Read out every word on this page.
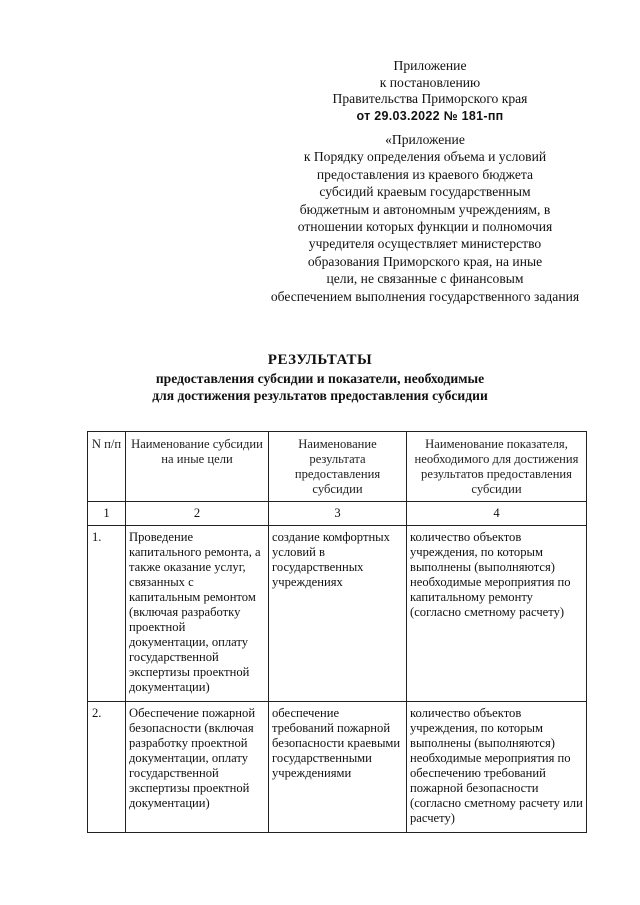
Приложение
к постановлению
Правительства Приморского края
от 29.03.2022 № 181-пп
«Приложение
к Порядку определения объема и условий
предоставления из краевого бюджета
субсидий краевым государственным
бюджетным и автономным учреждениям, в
отношении которых функции и полномочия
учредителя осуществляет министерство
образования Приморского края, на иные
цели, не связанные с финансовым
обеспечением выполнения государственного задания
РЕЗУЛЬТАТЫ
предоставления субсидии и показатели, необходимые
для достижения результатов предоставления субсидии
N п/п	Наименование субсидии на иные цели	Наименование результата предоставления субсидии	Наименование показателя, необходимого для достижения результатов предоставления субсидии
1	2	3	4
1.	Проведение капитального ремонта, а также оказание услуг, связанных с капитальным ремонтом (включая разработку проектной документации, оплату государственной экспертизы проектной документации)	создание комфортных условий в государственных учреждениях	количество объектов учреждения, по которым выполнены (выполняются) необходимые мероприятия по капитальному ремонту (согласно сметному расчету)
2.	Обеспечение пожарной безопасности (включая разработку проектной документации, оплату государственной экспертизы проектной документации)	обеспечение требований пожарной безопасности краевыми государственными учреждениями	количество объектов учреждения, по которым выполнены (выполняются) необходимые мероприятия по обеспечению требований пожарной безопасности (согласно сметному расчету или расчету)
